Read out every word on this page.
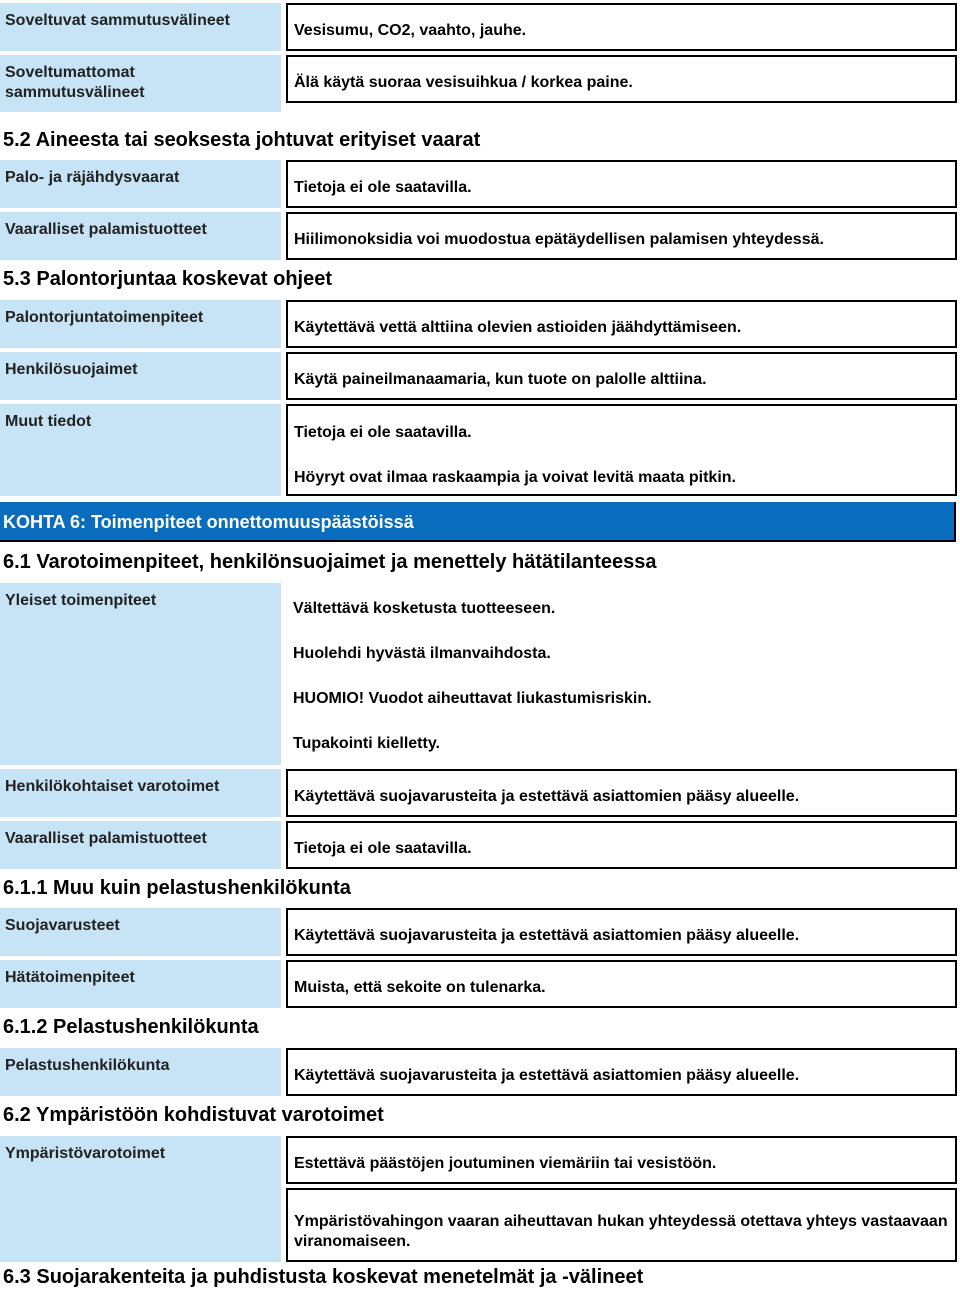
Soveltuvat sammutusvälineet
Vesisumu, CO2, vaahto, jauhe.
Soveltumattomat sammutusvälineet
Älä käytä suoraa vesisuihkua / korkea paine.
5.2 Aineesta tai seoksesta johtuvat erityiset vaarat
Palo- ja räjähdysvaarat
Tietoja ei ole saatavilla.
Vaaralliset palamistuotteet
Hiilimonoksidia voi muodostua epätäydellisen palamisen yhteydessä.
5.3 Palontorjuntaa koskevat ohjeet
Palontorjuntatoimenpiteet
Käytettävä vettä alttiina olevien astioiden jäähdyttämiseen.
Henkilösuojaimet
Käytä paineilmanaamaria, kun tuote on palolle alttiina.
Muut tiedot
Tietoja ei ole saatavilla.
Höyryt ovat ilmaa raskaampia ja voivat levitä maata pitkin.
KOHTA 6: Toimenpiteet onnettomuuspäästöissä
6.1 Varotoimenpiteet, henkilönsuojaimet ja menettely hätätilanteessa
Yleiset toimenpiteet	Vältettävä kosketusta tuotteeseen.
Huolehdi hyvästä ilmanvaihdosta.
HUOMIO! Vuodot aiheuttavat liukastumisriskin.
Tupakointi kielletty.
Henkilökohtaiset varotoimet
Käytettävä suojavarusteita ja estettävä asiattomien pääsy alueelle.
Vaaralliset palamistuotteet
Tietoja ei ole saatavilla.
6.1.1 Muu kuin pelastushenkilökunta
Suojavarusteet
Käytettävä suojavarusteita ja estettävä asiattomien pääsy alueelle.
Hätätoimenpiteet
Muista, että sekoite on tulenarka.
6.1.2 Pelastushenkilökunta
Pelastushenkilökunta
Käytettävä suojavarusteita ja estettävä asiattomien pääsy alueelle.
6.2 Ympäristöön kohdistuvat varotoimet
Ympäristövarotoimet
Estettävä päästöjen joutuminen viemäriin tai vesistöön.
Ympäristövahingon vaaran aiheuttavan hukan yhteydessä otettava yhteys vastaavaan viranomaiseen.
6.3 Suojarakenteita ja puhdistusta koskevat menetelmät ja -välineet
